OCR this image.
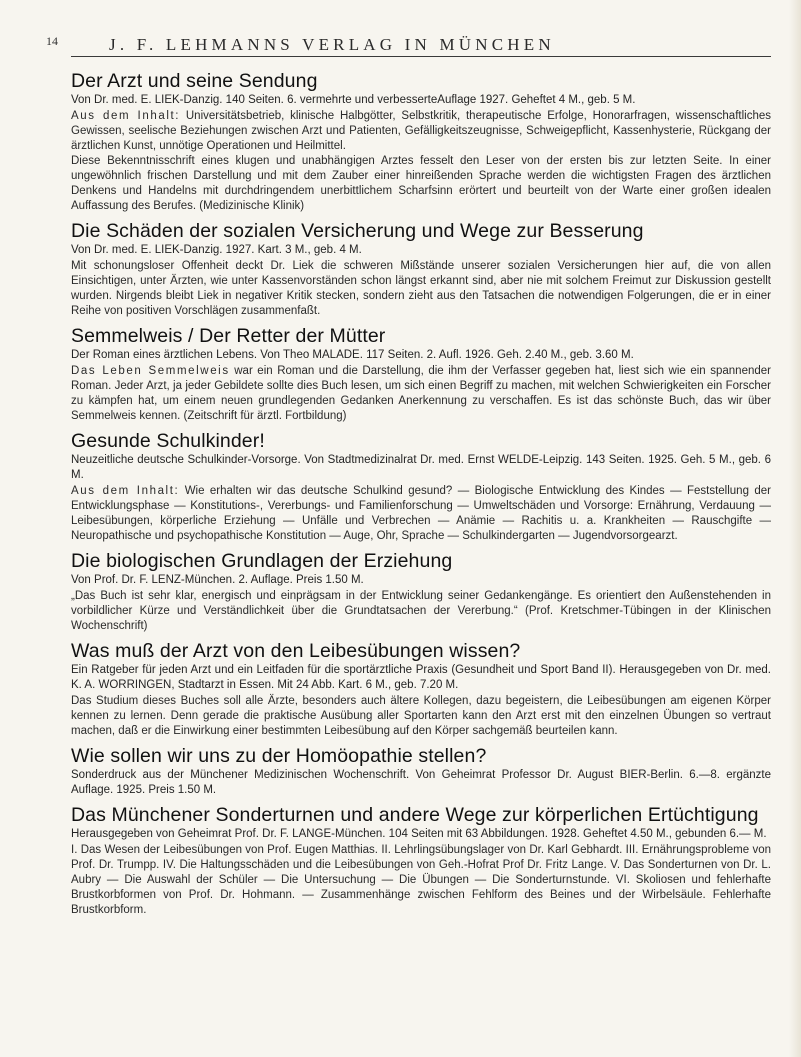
14	J. F. LEHMANNS VERLAG IN MÜNCHEN
Der Arzt und seine Sendung

Von Dr. med. E. LIEK-Danzig. 140 Seiten. 6. vermehrte und verbesserteAuflage 1927. Geheftet 4 M., geb. 5 M.

Aus dem Inhalt: Universitätsbetrieb, klinische Halbgötter, Selbstkritik, therapeutische Erfolge, Honorarfragen, wissenschaftliches Gewissen, seelische Beziehungen zwischen Arzt und Patienten, Gefälligkeitszeugnisse, Schweigepflicht, Kassenhysterie, Rückgang der ärztlichen Kunst, unnötige Operationen und Heilmittel.

Diese Bekenntnisschrift eines klugen und unabhängigen Arztes fesselt den Leser von der ersten bis zur letzten Seite. In einer ungewöhnlich frischen Darstellung und mit dem Zauber einer hinreißenden Sprache werden die wichtigsten Fragen des ärztlichen Denkens und Handelns mit durchdringendem unerbittlichem Scharfsinn erörtert und beurteilt von der Warte einer großen idealen Auffassung des Berufes. (Medizinische Klinik)

Die Schäden der sozialen Versicherung und Wege zur Besserung

Von Dr. med. E. LIEK-Danzig. 1927. Kart. 3 M., geb. 4 M.

Mit schonungsloser Offenheit deckt Dr. Liek die schweren Mißstände unserer sozialen Versicherungen hier auf, die von allen Einsichtigen, unter Ärzten, wie unter Kassenvorständen schon längst erkannt sind, aber nie mit solchem Freimut zur Diskussion gestellt wurden. Nirgends bleibt Liek in negativer Kritik stecken, sondern zieht aus den Tatsachen die notwendigen Folgerungen, die er in einer Reihe von positiven Vorschlägen zusammenfaßt.

Semmelweis / Der Retter der Mütter

Der Roman eines ärztlichen Lebens. Von Theo MALADE. 117 Seiten. 2. Aufl. 1926. Geh. 2.40 M., geb. 3.60 M.

Das Leben Semmelweis war ein Roman und die Darstellung, die ihm der Verfasser gegeben hat, liest sich wie ein spannender Roman. Jeder Arzt, ja jeder Gebildete sollte dies Buch lesen, um sich einen Begriff zu machen, mit welchen Schwierigkeiten ein Forscher zu kämpfen hat, um einem neuen grundlegenden Gedanken Anerkennung zu verschaffen. Es ist das schönste Buch, das wir über Semmelweis kennen. (Zeitschrift für ärztl. Fortbildung)

Gesunde Schulkinder!

Neuzeitliche deutsche Schulkinder-Vorsorge. Von Stadtmedizinalrat Dr. med. Ernst WELDE-Leipzig. 143 Seiten. 1925. Geh. 5 M., geb. 6 M.

Aus dem Inhalt: Wie erhalten wir das deutsche Schulkind gesund? — Biologische Entwicklung des Kindes — Feststellung der Entwicklungsphase — Konstitutions-, Vererbungs- und Familienforschung — Umweltschäden und Vorsorge: Ernährung, Verdauung — Leibesübungen, körperliche Erziehung — Unfälle und Verbrechen — Anämie — Rachitis u. a. Krankheiten — Rauschgifte — Neuropathische und psychopathische Konstitution — Auge, Ohr, Sprache — Schulkindergarten — Jugendvorsorgearzt.

Die biologischen Grundlagen der Erziehung

Von Prof. Dr. F. LENZ-München. 2. Auflage. Preis 1.50 M.

„Das Buch ist sehr klar, energisch und einprägsam in der Entwicklung seiner Gedankengänge. Es orientiert den Außenstehenden in vorbildlicher Kürze und Verständlichkeit über die Grundtatsachen der Vererbung.“ (Prof. Kretschmer-Tübingen in der Klinischen Wochenschrift)

Was muß der Arzt von den Leibesübungen wissen?

Ein Ratgeber für jeden Arzt und ein Leitfaden für die sportärztliche Praxis (Gesundheit und Sport Band II). Herausgegeben von Dr. med. K. A. WORRINGEN, Stadtarzt in Essen. Mit 24 Abb. Kart. 6 M., geb. 7.20 M.

Das Studium dieses Buches soll alle Ärzte, besonders auch ältere Kollegen, dazu begeistern, die Leibesübungen am eigenen Körper kennen zu lernen. Denn gerade die praktische Ausübung aller Sportarten kann den Arzt erst mit den einzelnen Übungen so vertraut machen, daß er die Einwirkung einer bestimmten Leibesübung auf den Körper sachgemäß beurteilen kann.

Wie sollen wir uns zu der Homöopathie stellen?

Sonderdruck aus der Münchener Medizinischen Wochenschrift. Von Geheimrat Professor Dr. August BIER-Berlin. 6.—8. ergänzte Auflage. 1925. Preis 1.50 M.

Das Münchener Sonderturnen und andere Wege zur körperlichen Ertüchtigung

Herausgegeben von Geheimrat Prof. Dr. F. LANGE-München. 104 Seiten mit 63 Abbildungen. 1928. Geheftet 4.50 M., gebunden 6.— M.

I. Das Wesen der Leibesübungen von Prof. Eugen Matthias. II. Lehrlingsübungslager von Dr. Karl Gebhardt. III. Ernährungsprobleme von Prof. Dr. Trumpp. IV. Die Haltungsschäden und die Leibesübungen von Geh.-Hofrat Prof Dr. Fritz Lange. V. Das Sonderturnen von Dr. L. Aubry — Die Auswahl der Schüler — Die Untersuchung — Die Übungen — Die Sonderturnstunde. VI. Skoliosen und fehlerhafte Brustkorbformen von Prof. Dr. Hohmann. — Zusammenhänge zwischen Fehlform des Beines und der Wirbelsäule. Fehlerhafte Brustkorbform.
